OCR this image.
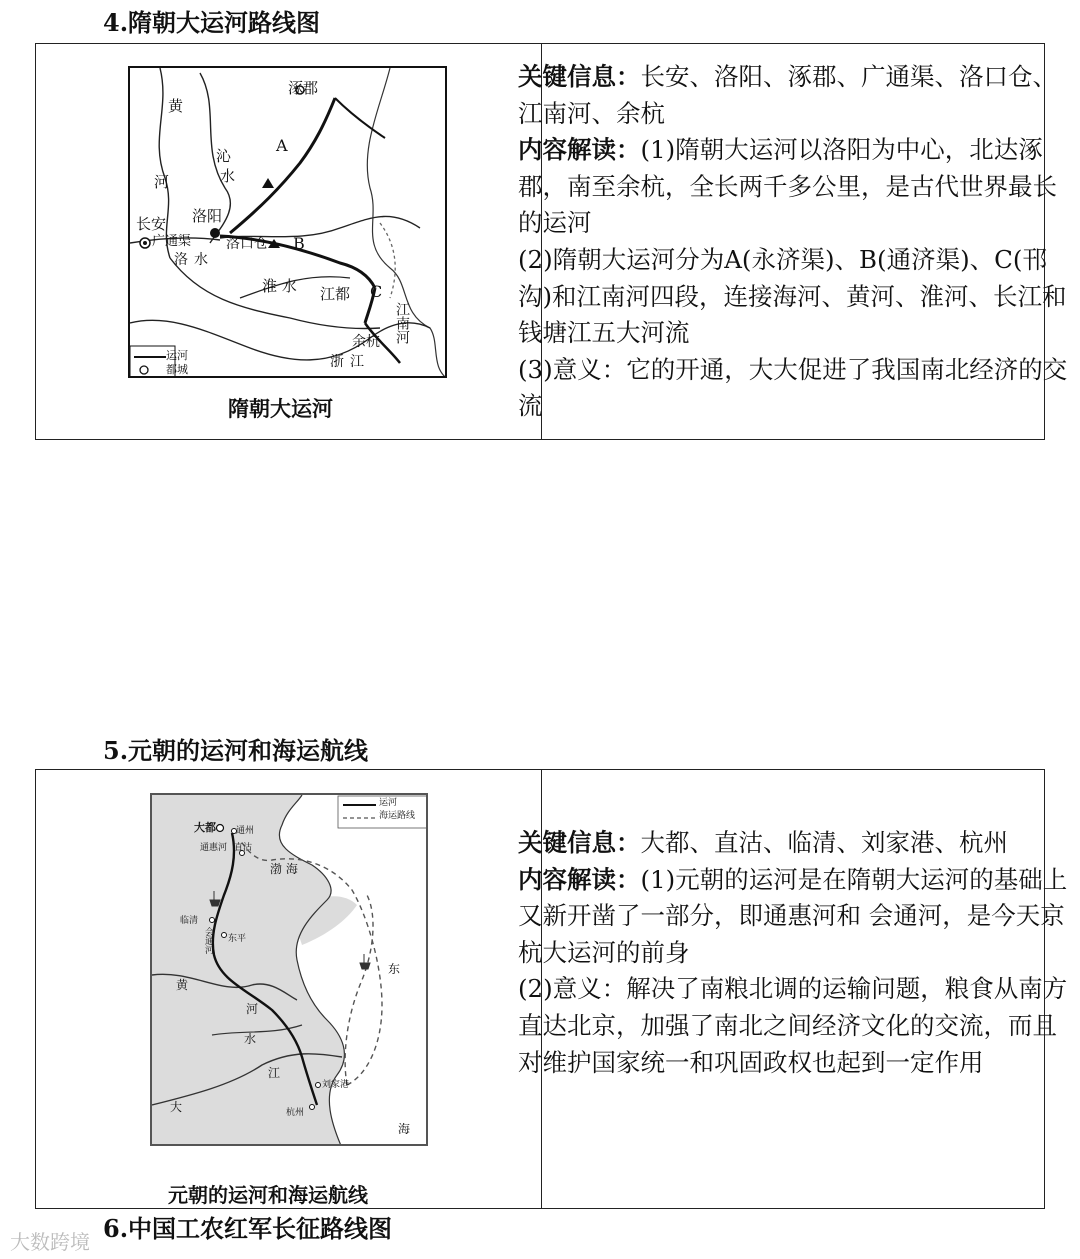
4.隋朝大运河路线图
涿郡
A
B
C
黄
河
沁
水
长安 洛阳
广通渠
洛水
洛口仓
淮 水 江都
余杭 江南河
浙江
运河
都城
隋朝大运河

关键信息：长安、洛阳、涿郡、广通渠、洛口仓、江南河、余杭

内容解读：(1)隋朝大运河以洛阳为中心，北达涿郡，南至余杭，全长两千多公里，是古代世界最长的运河

(2)隋朝大运河分为A(永济渠)、B(通济渠)、C(邗沟)和江南河四段，连接海河、黄河、淮河、长江和钱塘江五大河流

(3)意义：它的开通，大大促进了我国南北经济的交流

5.元朝的运河和海运航线
运河
海运路线
大都 通州
通惠河 直沽
渤 海
临清
会通河	东平
东
海
黄
河
水
江
大
刘家港
杭州
元朝的运河和海运航线

关键信息：大都、直沽、临清、刘家港、杭州

内容解读：(1)元朝的运河是在隋朝大运河的基础上又新开凿了一部分，即通惠河和 会通河，是今天京杭大运河的前身

(2)意义：解决了南粮北调的运输问题，粮食从南方直达北京，加强了南北之间经济文化的交流，而且对维护国家统一和巩固政权也起到一定作用

6.中国工农红军长征路线图
大数跨境
